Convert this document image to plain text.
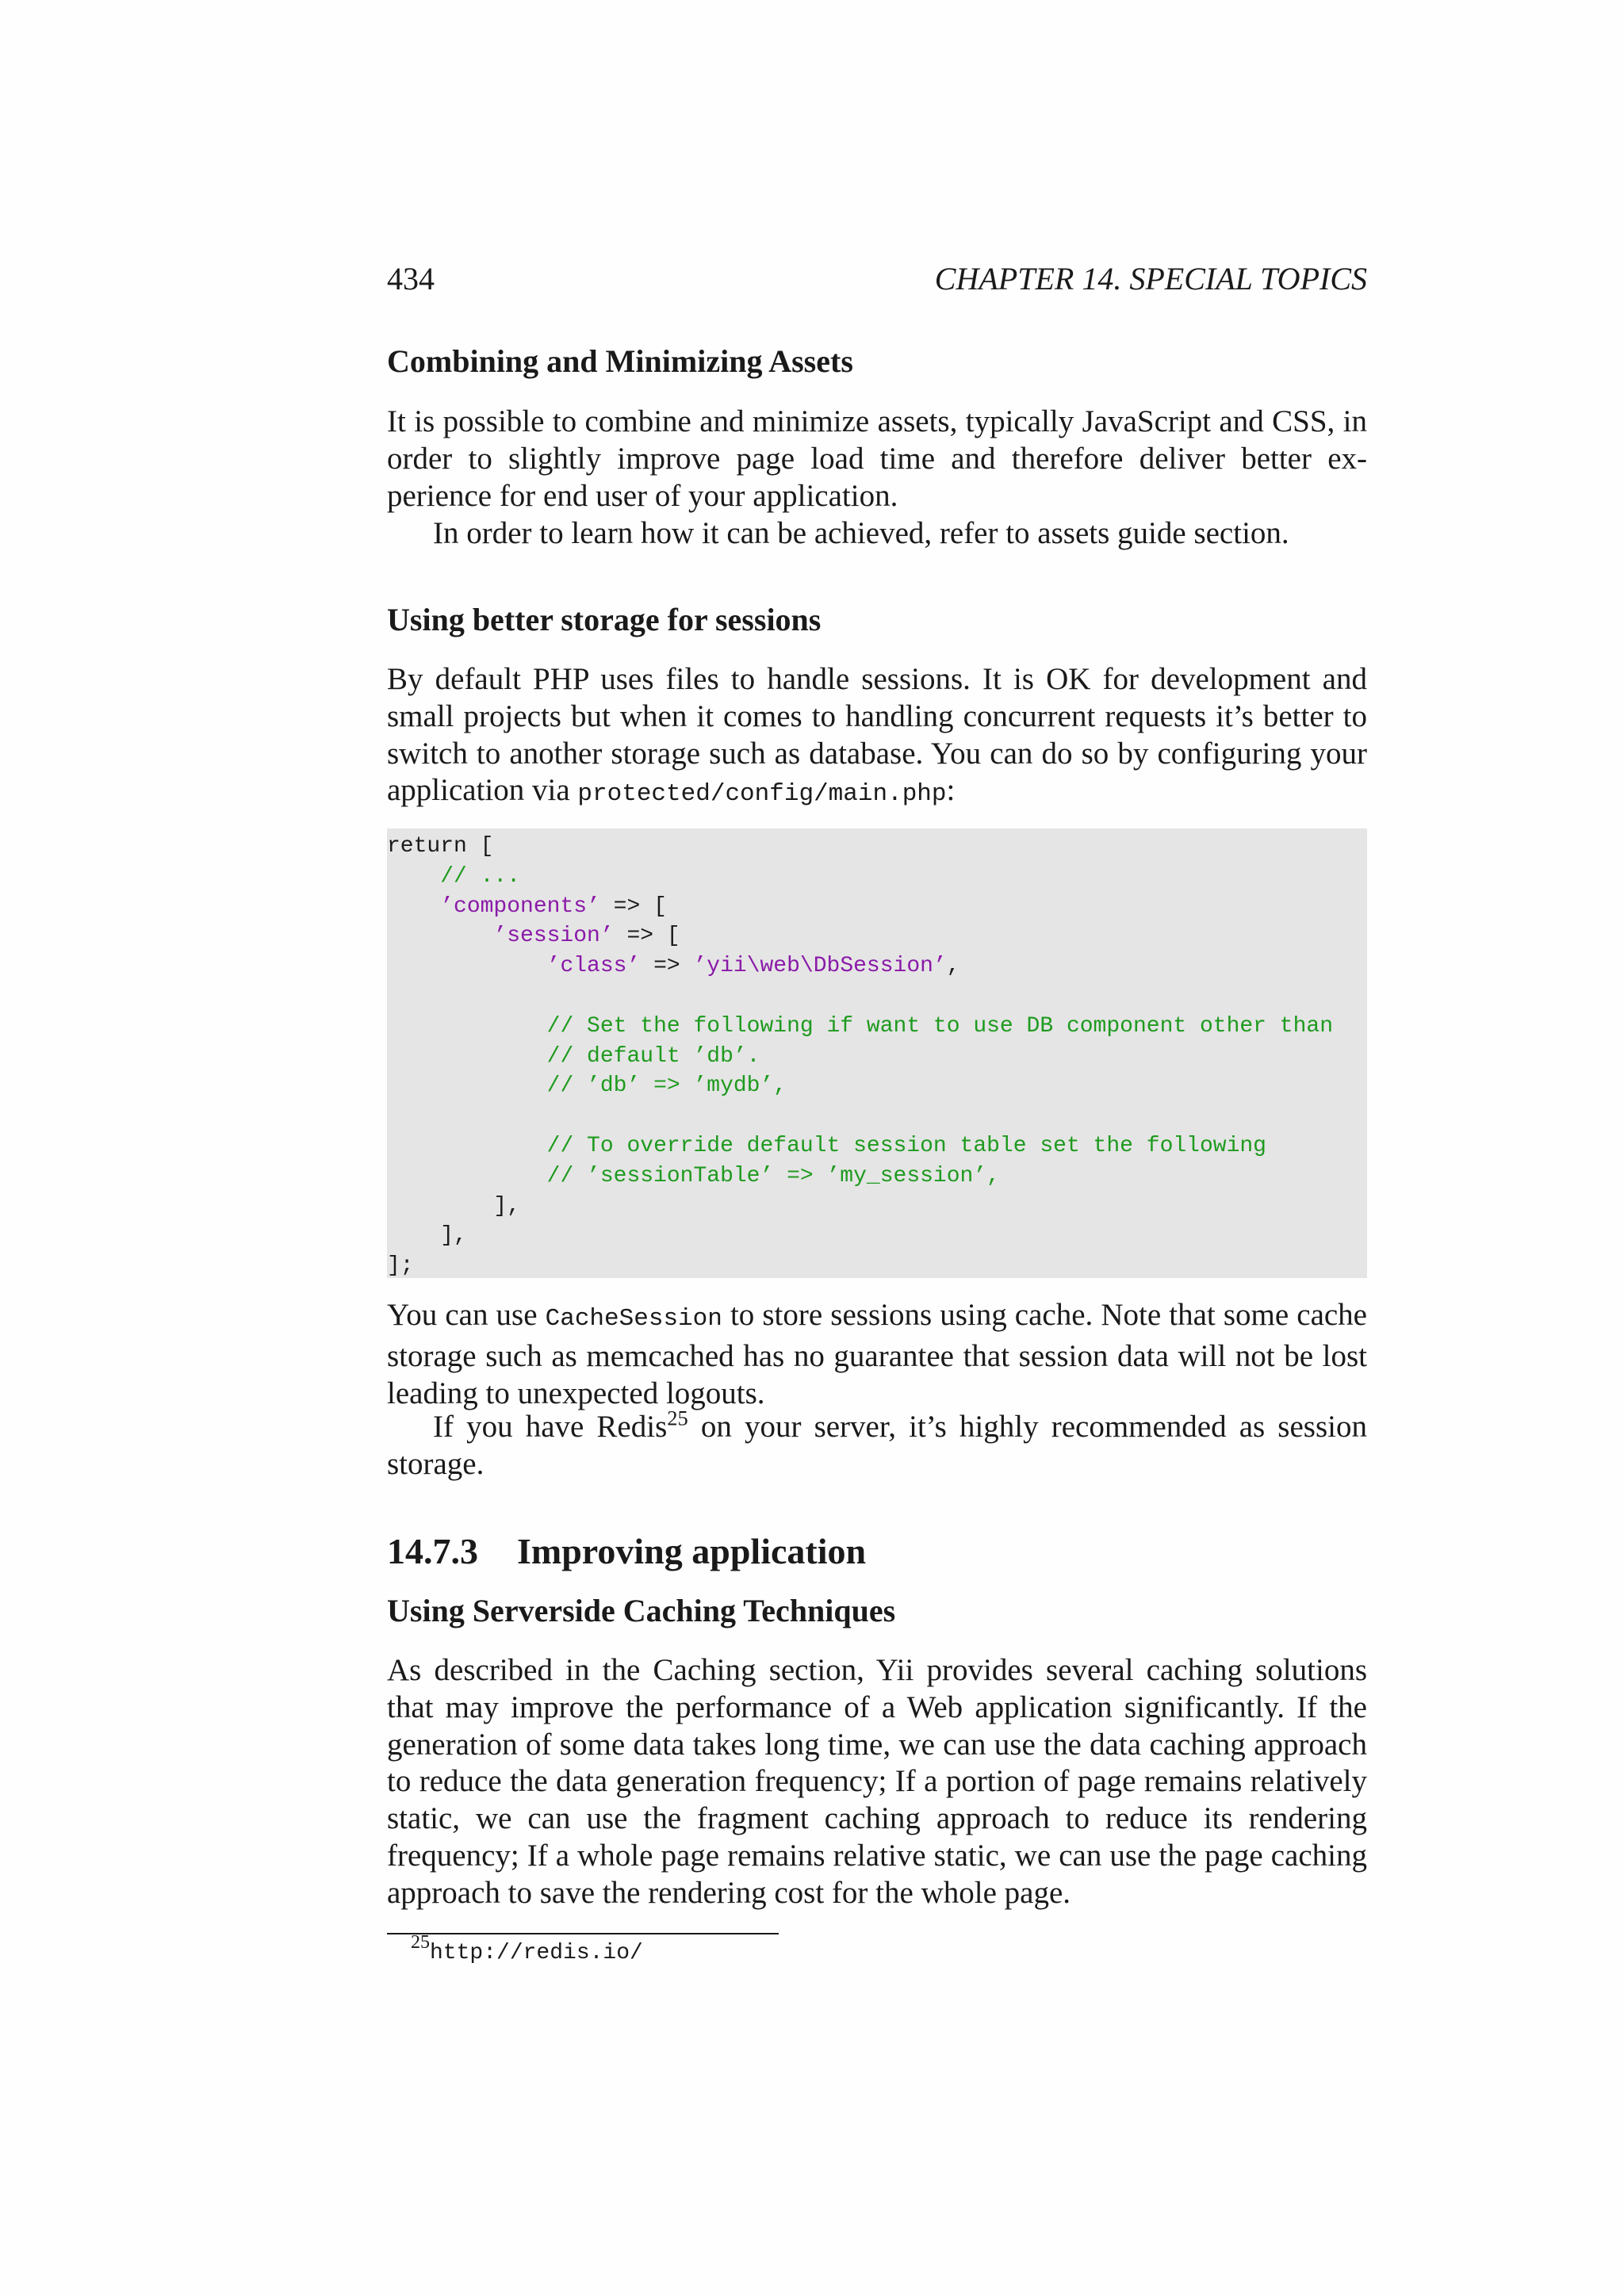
434	CHAPTER 14. SPECIAL TOPICS
Combining and Minimizing Assets

It is possible to combine and minimize assets, typically JavaScript and CSS, in order to slightly improve page load time and therefore deliver better experience for end user of your application.

In order to learn how it can be achieved, refer to assets guide section.

Using better storage for sessions

By default PHP uses files to handle sessions. It is OK for development and small projects but when it comes to handling concurrent requests it’s better to switch to another storage such as database. You can do so by configuring your application via protected/config/main.php:

return [
// ...
’components’ => [
’session’ => [
’class’ => ’yii\web\DbSession’,
// Set the following if want to use DB component other than
// default ’db’.
// ’db’ => ’mydb’,
// To override default session table set the following
// ’sessionTable’ => ’my_session’,
],
],
];

You can use CacheSession to store sessions using cache. Note that some cache storage such as memcached has no guarantee that session data will not be lost leading to unexpected logouts.

If you have Redis$^{25}$ on your server, it’s highly recommended as session storage.

14.7.3 Improving application
Using Serverside Caching Techniques

As described in the Caching section, Yii provides several caching solutions that may improve the performance of a Web application significantly. If the generation of some data takes long time, we can use the data caching approach to reduce the data generation frequency; If a portion of page remains relatively static, we can use the fragment caching approach to reduce its rendering frequency; If a whole page remains relative static, we can use the page caching approach to save the rendering cost for the whole page.

$^{25}$http://redis.io/
